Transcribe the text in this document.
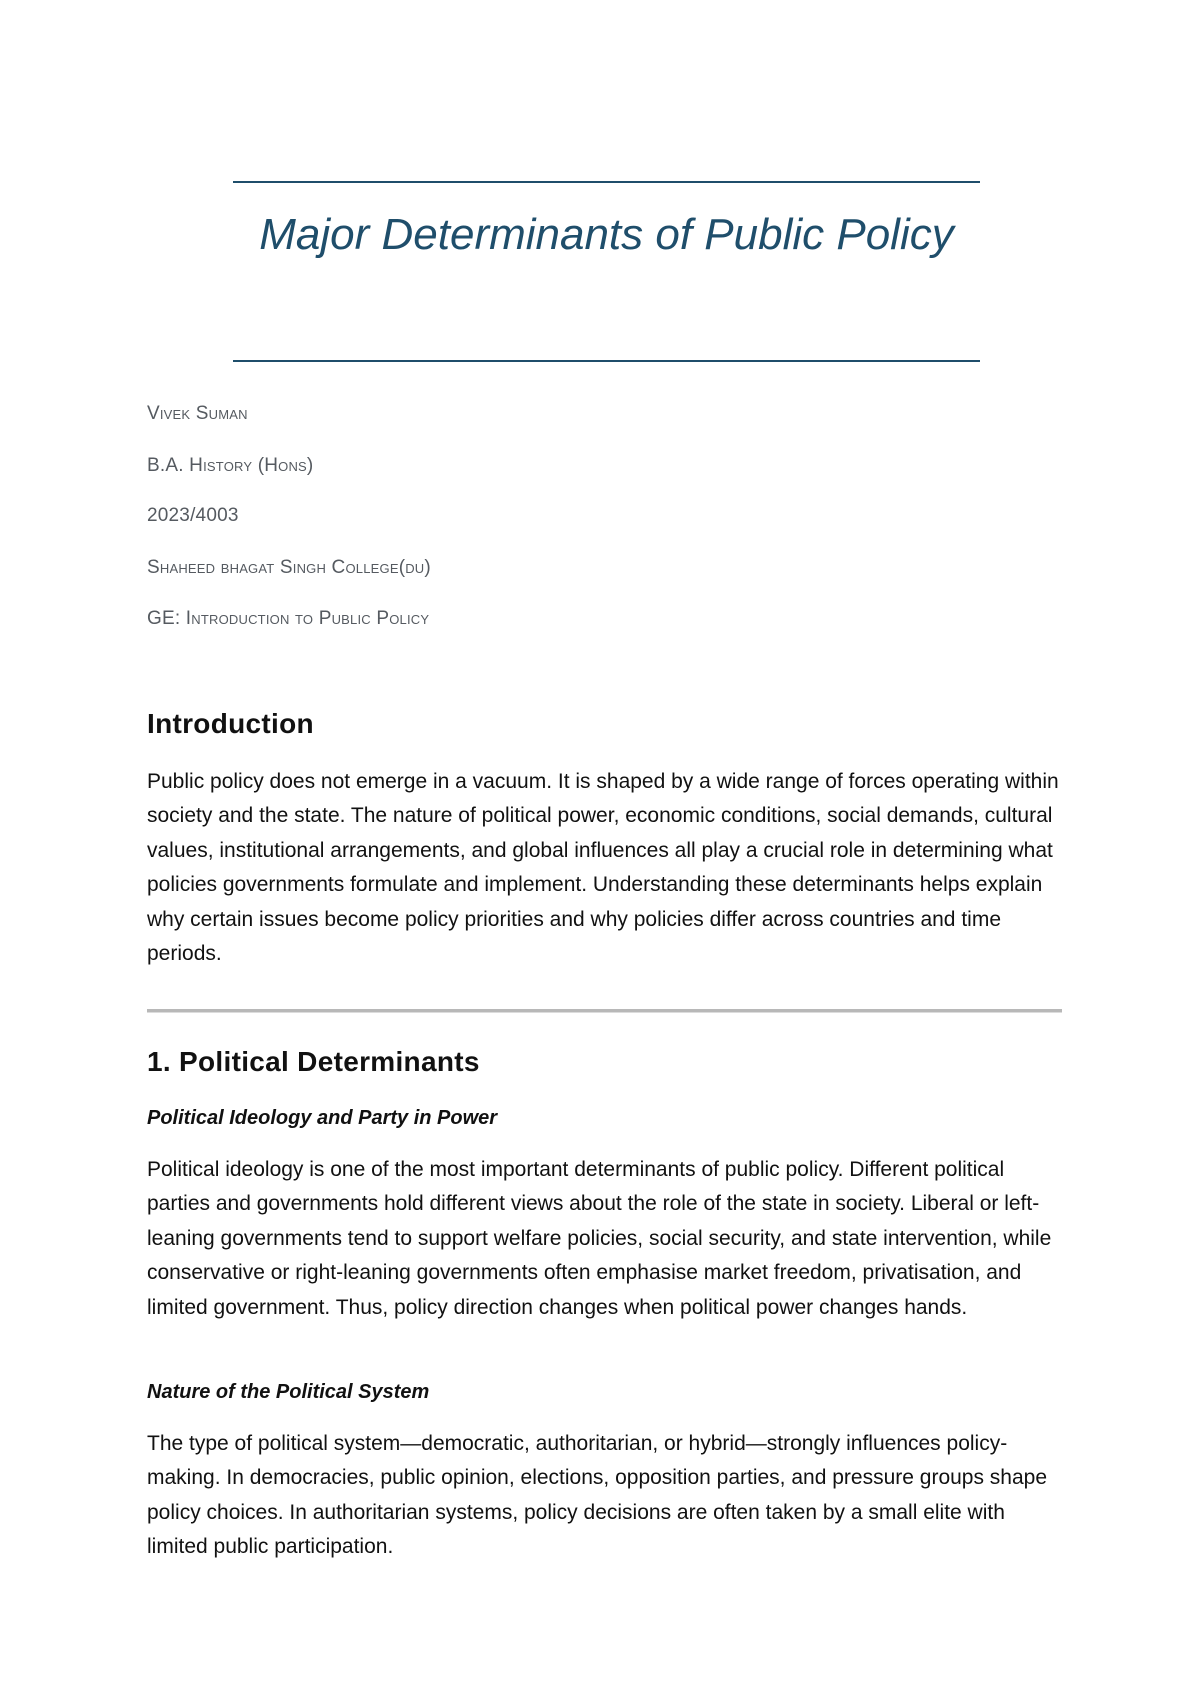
Major Determinants of Public Policy

Vivek Suman

B.A. History (Hons)

2023/4003

Shaheed bhagat Singh College(du)

GE: Introduction to Public Policy

Introduction

Public policy does not emerge in a vacuum. It is shaped by a wide range of forces operating within society and the state. The nature of political power, economic conditions, social demands, cultural values, institutional arrangements, and global influences all play a crucial role in determining what policies governments formulate and implement. Understanding these determinants helps explain why certain issues become policy priorities and why policies differ across countries and time periods.

1. Political Determinants
Political Ideology and Party in Power

Political ideology is one of the most important determinants of public policy. Different political parties and governments hold different views about the role of the state in society. Liberal or left-leaning governments tend to support welfare policies, social security, and state intervention, while conservative or right-leaning governments often emphasise market freedom, privatisation, and limited government. Thus, policy direction changes when political power changes hands.

Nature of the Political System

The type of political system—democratic, authoritarian, or hybrid—strongly influences policy-making. In democracies, public opinion, elections, opposition parties, and pressure groups shape policy choices. In authoritarian systems, policy decisions are often taken by a small elite with limited public participation.
